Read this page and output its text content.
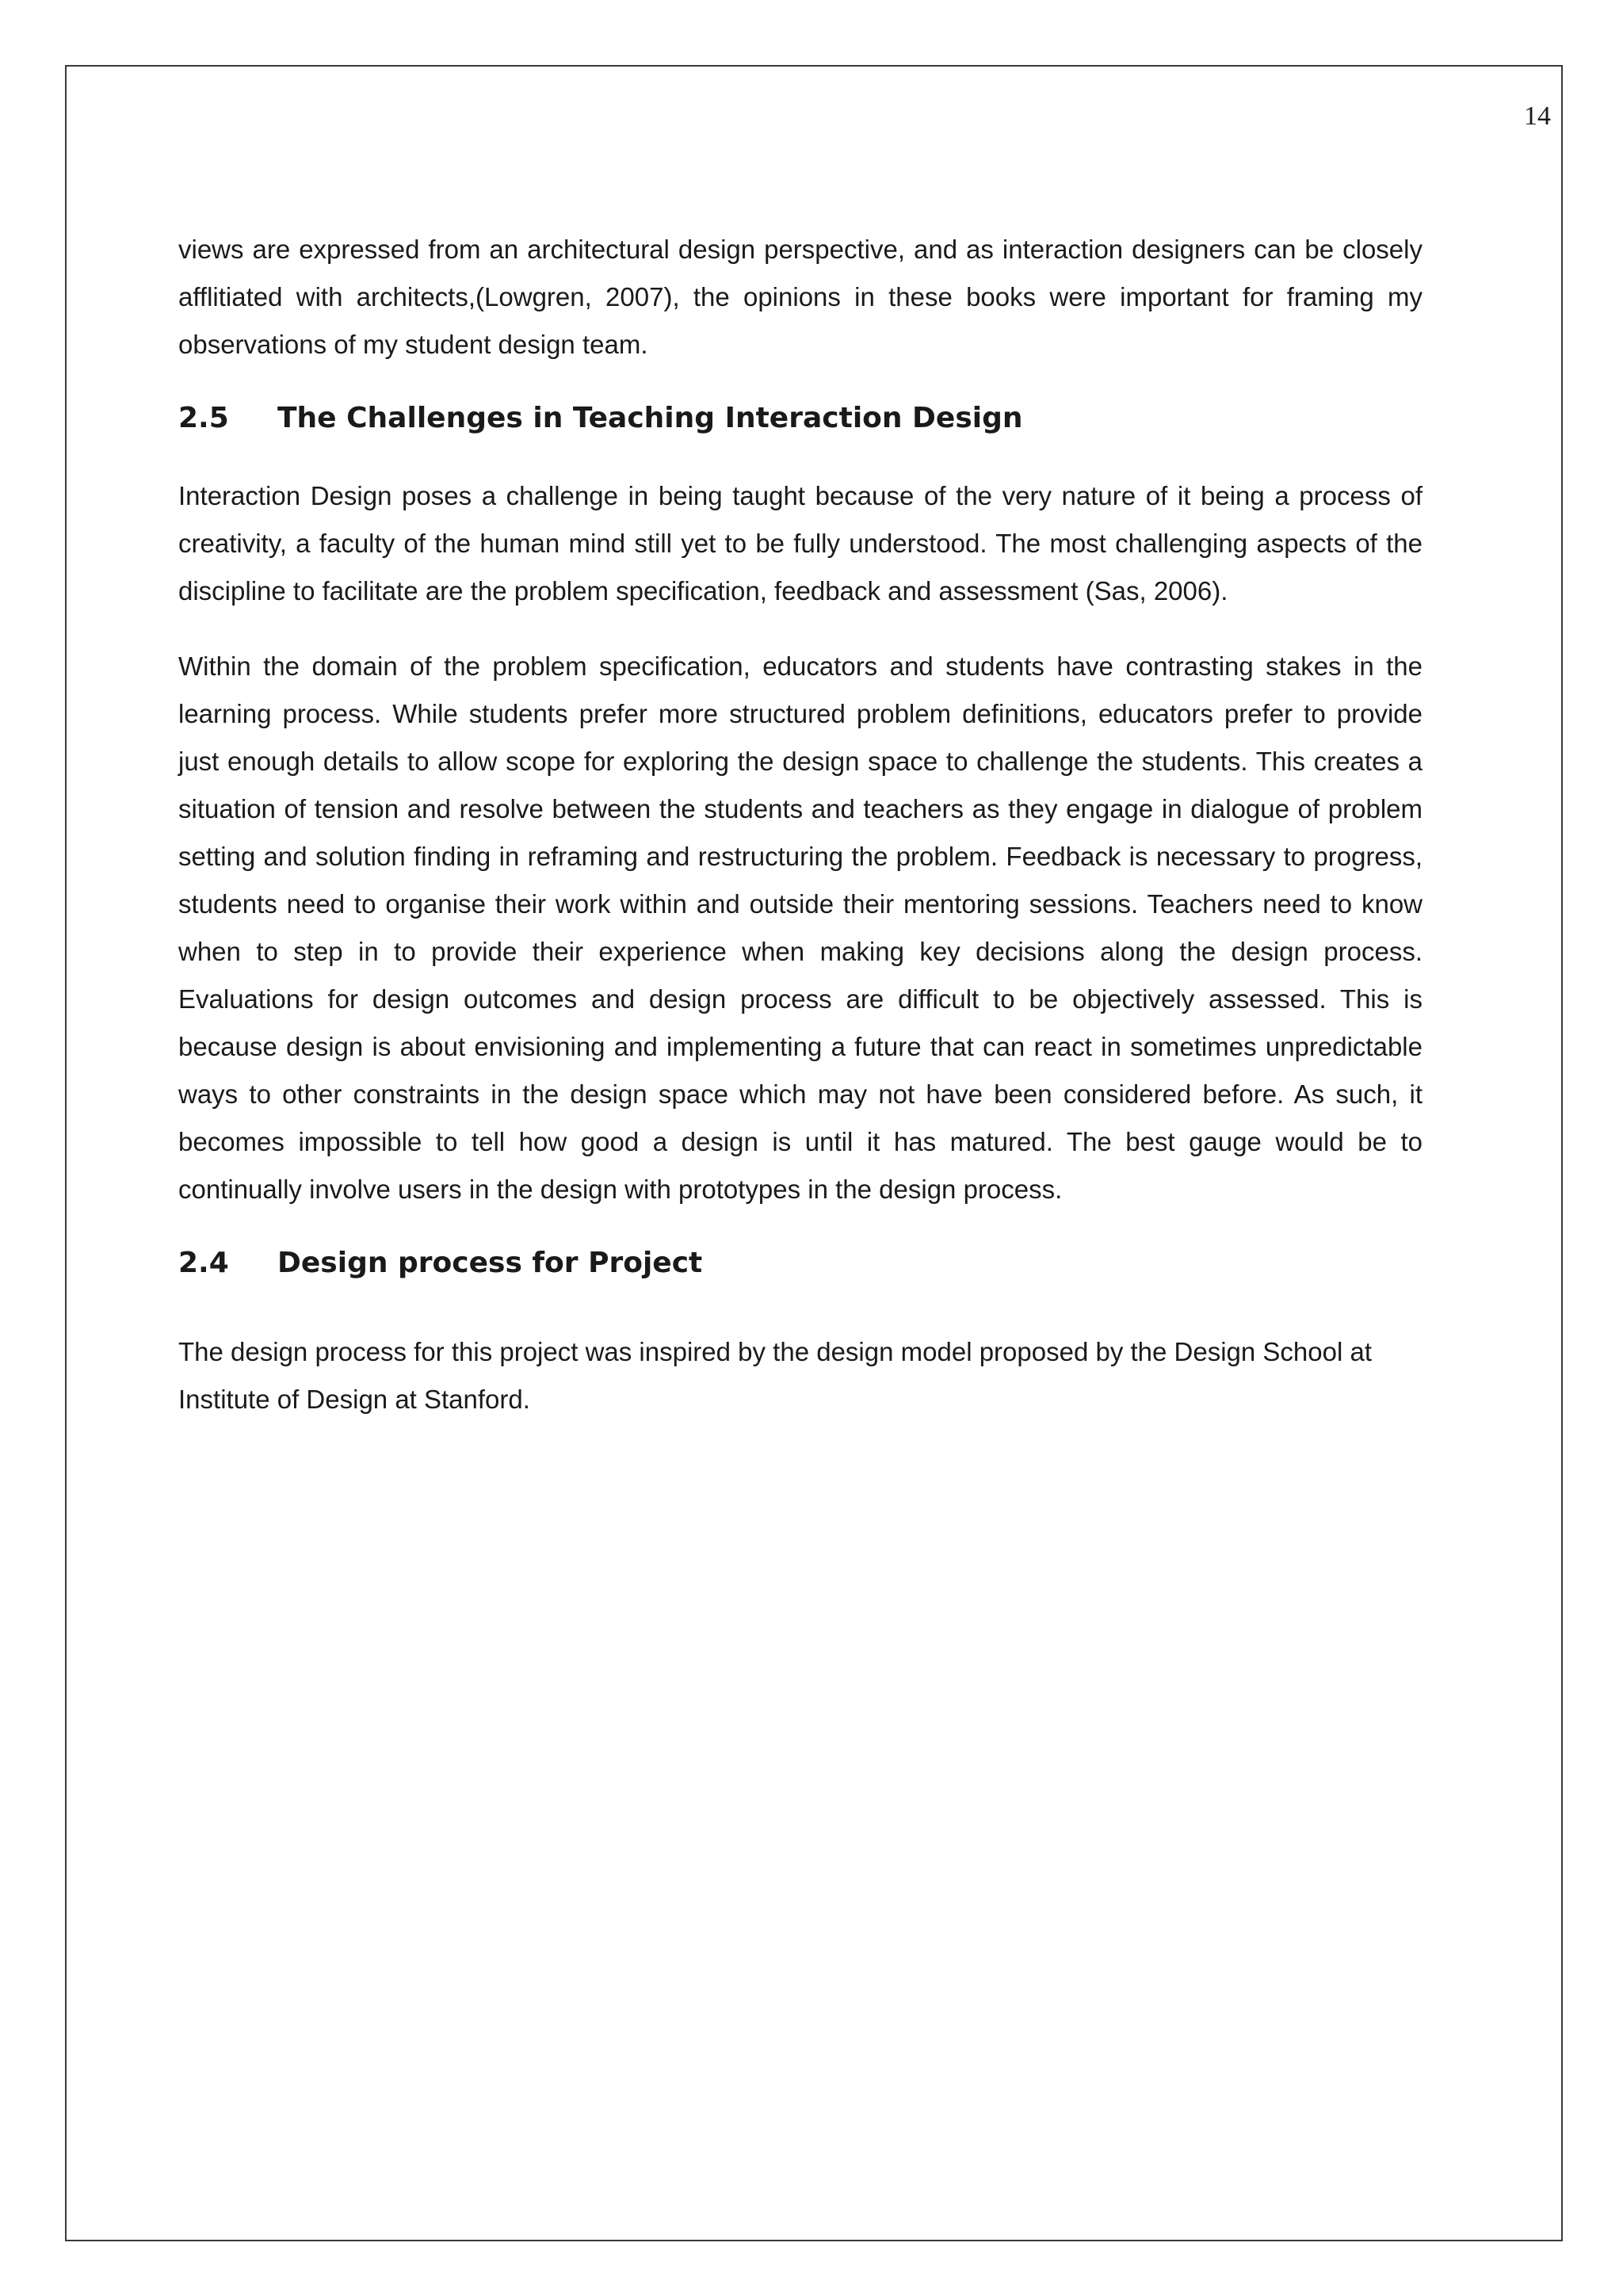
14

views are expressed from an architectural design perspective, and as interaction designers can be closely afflitiated with architects,(Lowgren, 2007), the opinions in these books were important for framing my observations of my student design team.

2.5	The Challenges in Teaching Interaction Design

Interaction Design poses a challenge in being taught because of the very nature of it being a process of creativity, a faculty of the human mind still yet to be fully understood. The most challenging aspects of the discipline to facilitate are the problem specification, feedback and assessment (Sas, 2006).

Within the domain of the problem specification, educators and students have contrasting stakes in the learning process. While students prefer more structured problem definitions, educators prefer to provide just enough details to allow scope for exploring the design space to challenge the students. This creates a situation of tension and resolve between the students and teachers as they engage in dialogue of problem setting and solution finding in reframing and restructuring the problem. Feedback is necessary to progress, students need to organise their work within and outside their mentoring sessions. Teachers need to know when to step in to provide their experience when making key decisions along the design process. Evaluations for design outcomes and design process are difficult to be objectively assessed. This is because design is about envisioning and implementing a future that can react in sometimes unpredictable ways to other constraints in the design space which may not have been considered before. As such, it becomes impossible to tell how good a design is until it has matured. The best gauge would be to continually involve users in the design with prototypes in the design process.

2.4	Design process for Project

The design process for this project was inspired by the design model proposed by the Design School at Institute of Design at Stanford.
